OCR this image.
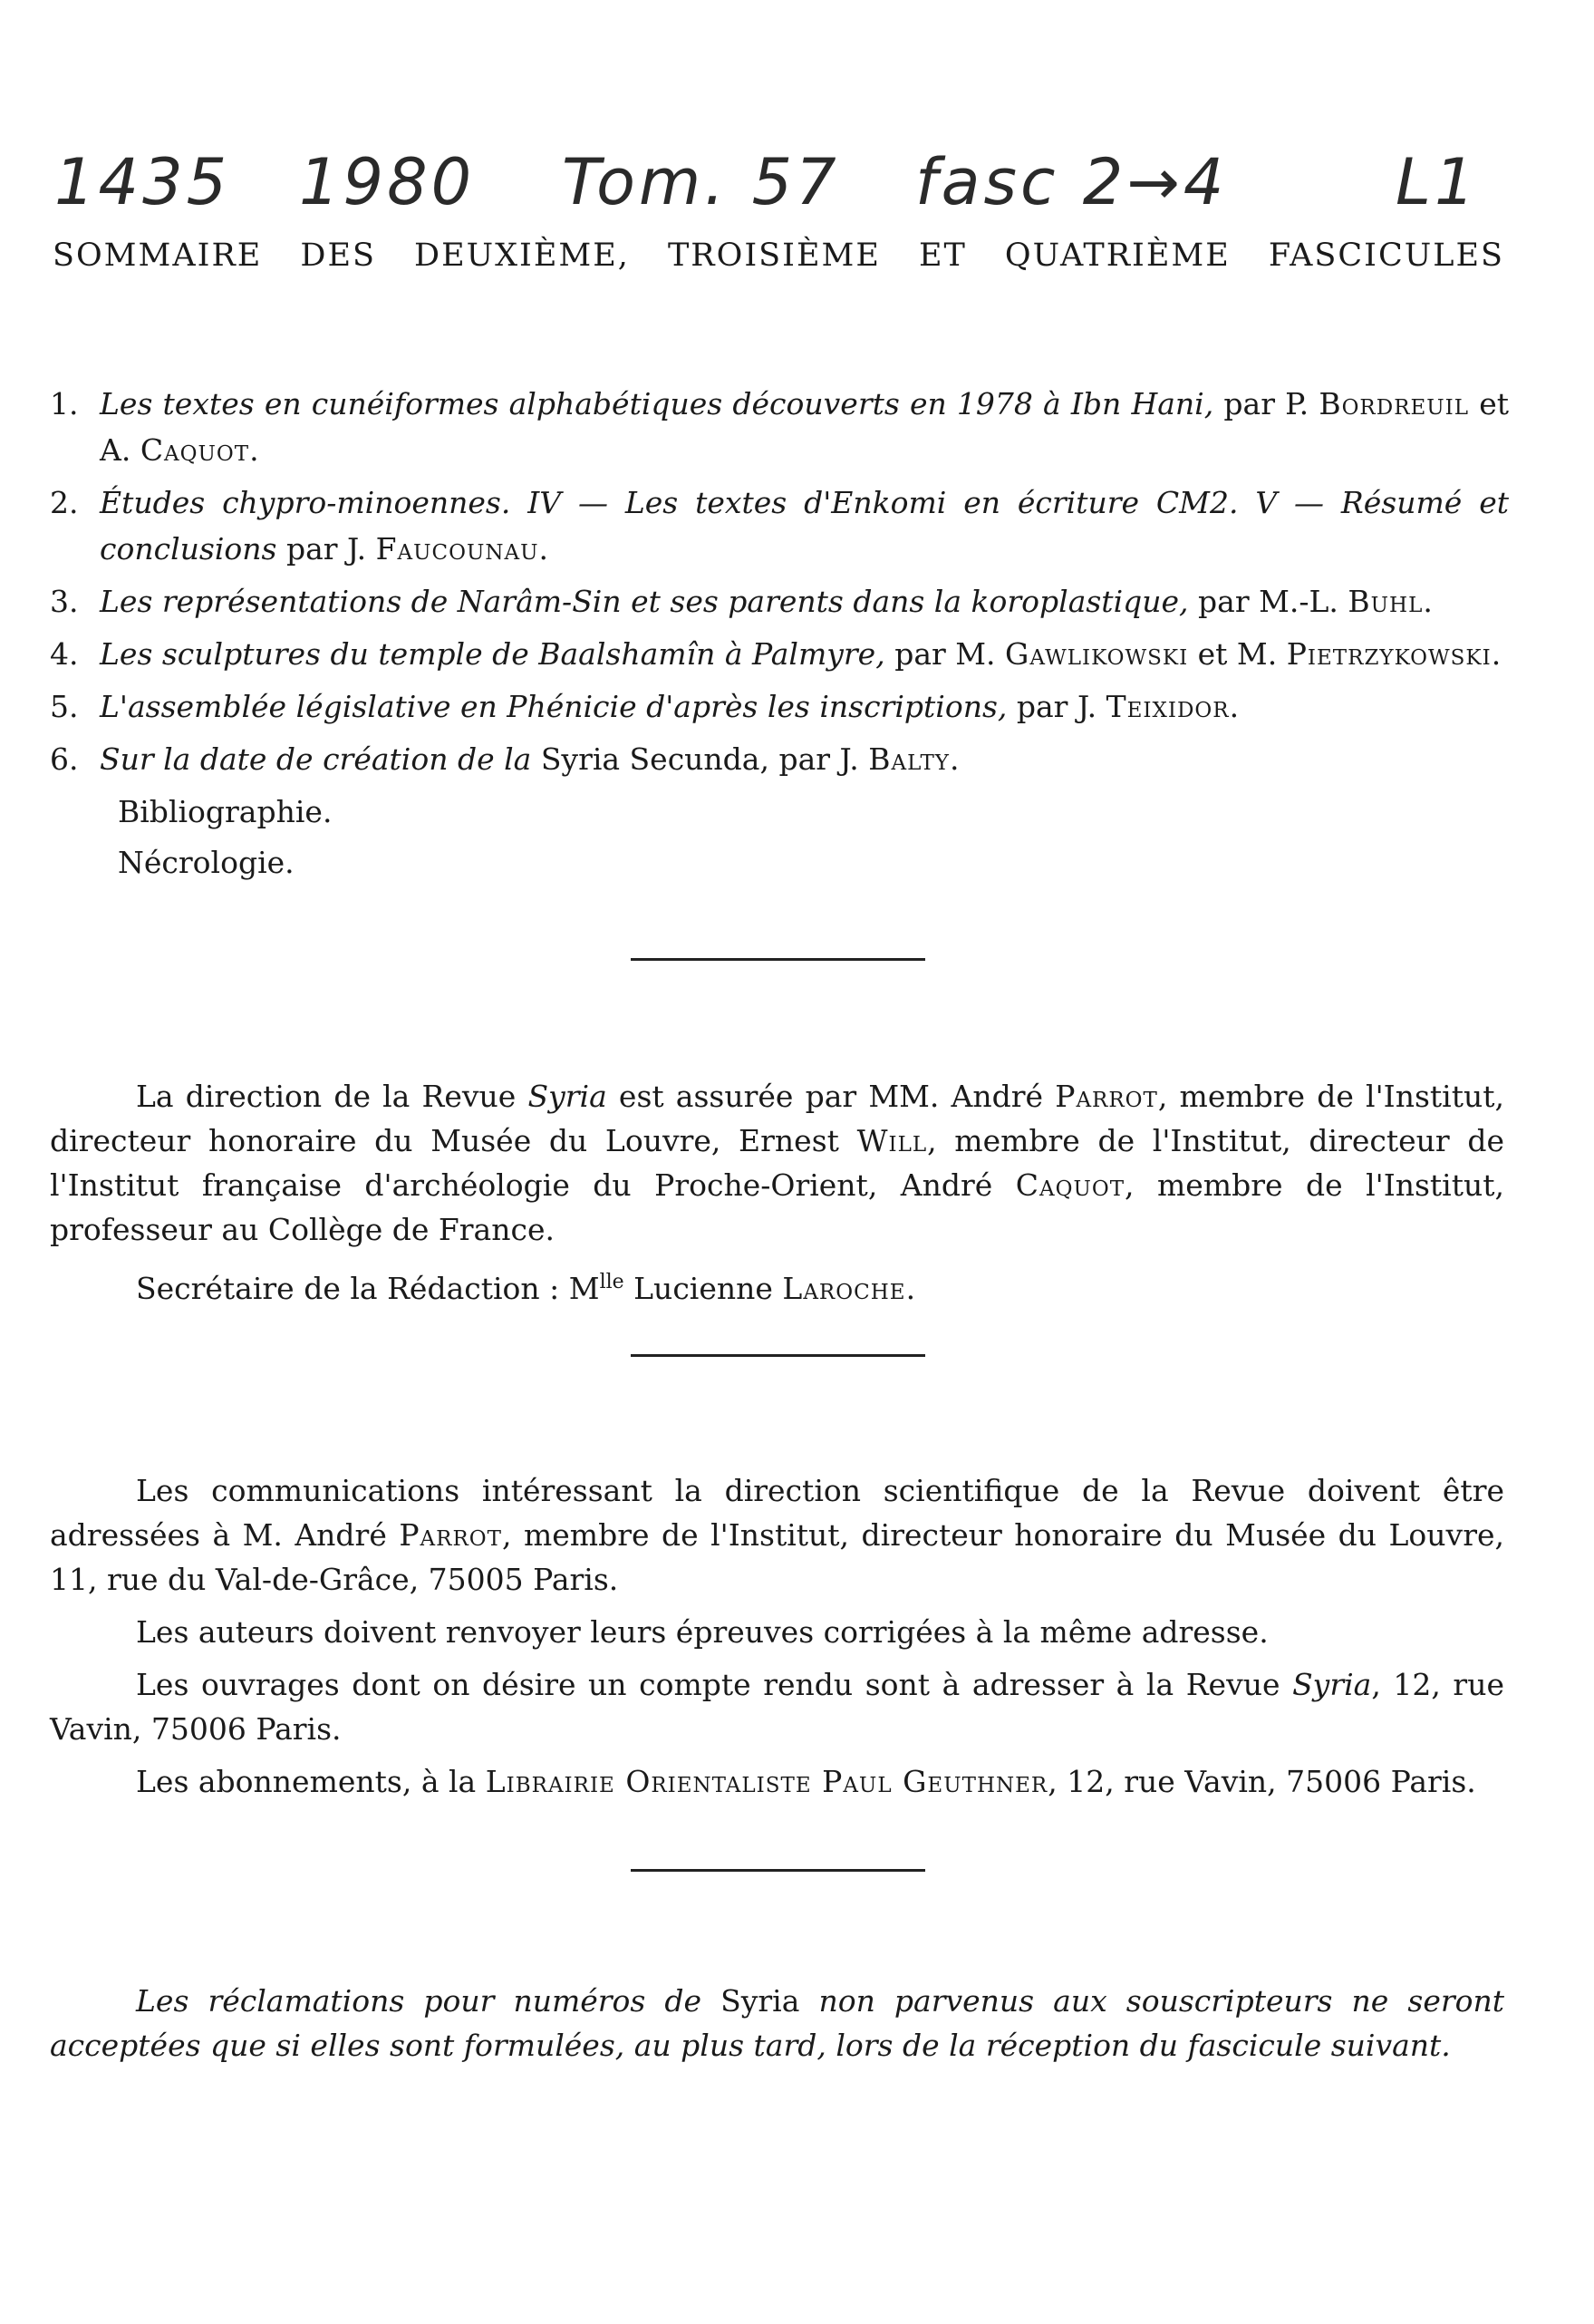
1435 1980 Tom. 57 fasc 2→4	L1
SOMMAIRE DES DEUXIÈME, TROISIÈME ET QUATRIÈME FASCICULES
1. Les textes en cunéiformes alphabétiques découverts en 1978 à Ibn Hani, par P. Bordreuil et A. Caquot.
2. Études chypro-minoennes. IV — Les textes d'Enkomi en écriture CM2. V — Résumé et conclusions par J. Faucounau.
3. Les représentations de Narâm-Sin et ses parents dans la koroplastique, par M.-L. Buhl.
4. Les sculptures du temple de Baalshamîn à Palmyre, par M. Gawlikowski et M. Pietrzykowski.
5. L'assemblée législative en Phénicie d'après les inscriptions, par J. Teixidor.
6. Sur la date de création de la Syria Secunda, par J. Balty.
Bibliographie.
Nécrologie.

La direction de la Revue Syria est assurée par MM. André Parrot, membre de l'Institut, directeur honoraire du Musée du Louvre, Ernest Will, membre de l'Institut, directeur de l'Institut française d'archéologie du Proche-Orient, André Caquot, membre de l'Institut, professeur au Collège de France.

Secrétaire de la Rédaction : $M^{lle}$ Lucienne Laroche.

Les communications intéressant la direction scientifique de la Revue doivent être adressées à M. André Parrot, membre de l'Institut, directeur honoraire du Musée du Louvre, 11, rue du Val-de-Grâce, 75005 Paris.

Les auteurs doivent renvoyer leurs épreuves corrigées à la même adresse.

Les ouvrages dont on désire un compte rendu sont à adresser à la Revue Syria, 12, rue Vavin, 75006 Paris.

Les abonnements, à la Librairie Orientaliste Paul Geuthner, 12, rue Vavin, 75006 Paris.

Les réclamations pour numéros de Syria non parvenus aux souscripteurs ne seront acceptées que si elles sont formulées, au plus tard, lors de la réception du fascicule suivant.
